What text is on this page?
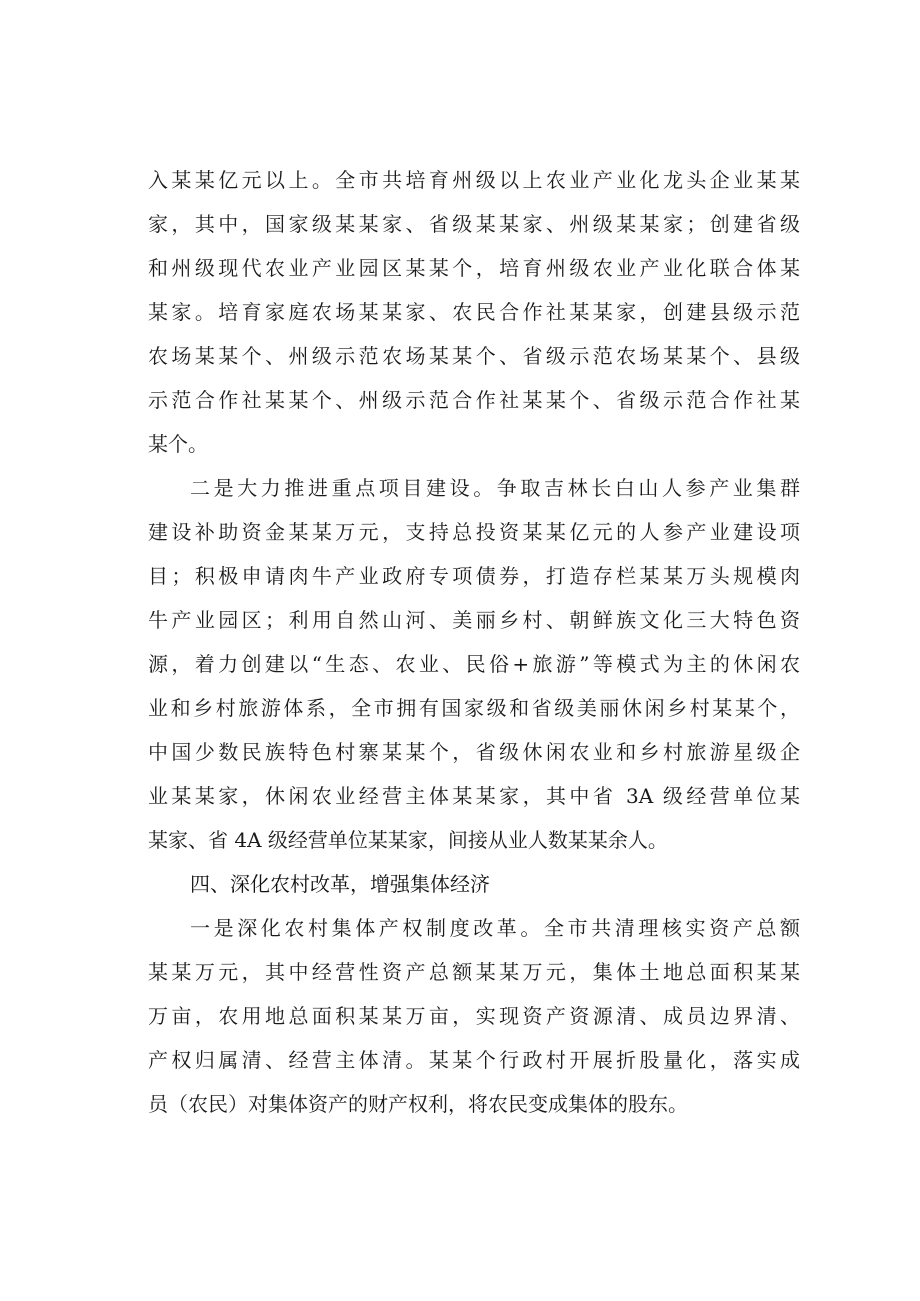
入某某亿元以上。全市共培育州级以上农业产业化龙头企业某某
家，其中，国家级某某家、省级某某家、州级某某家；创建省级
和州级现代农业产业园区某某个，培育州级农业产业化联合体某
某家。培育家庭农场某某家、农民合作社某某家，创建县级示范
农场某某个、州级示范农场某某个、省级示范农场某某个、县级
示范合作社某某个、州级示范合作社某某个、省级示范合作社某
某个。
二是大力推进重点项目建设。争取吉林长白山人参产业集群
建设补助资金某某万元，支持总投资某某亿元的人参产业建设项
目；积极申请肉牛产业政府专项债券，打造存栏某某万头规模肉
牛产业园区；利用自然山河、美丽乡村、朝鲜族文化三大特色资
源，着力创建以“生态、农业、民俗+旅游”等模式为主的休闲农
业和乡村旅游体系，全市拥有国家级和省级美丽休闲乡村某某个，
中国少数民族特色村寨某某个，省级休闲农业和乡村旅游星级企
业某某家，休闲农业经营主体某某家，其中省 3A 级经营单位某
某家、省 4A 级经营单位某某家，间接从业人数某某余人。
四、深化农村改革，增强集体经济
一是深化农村集体产权制度改革。全市共清理核实资产总额
某某万元，其中经营性资产总额某某万元，集体土地总面积某某
万亩，农用地总面积某某万亩，实现资产资源清、成员边界清、
产权归属清、经营主体清。某某个行政村开展折股量化，落实成
员（农民）对集体资产的财产权利，将农民变成集体的股东。
